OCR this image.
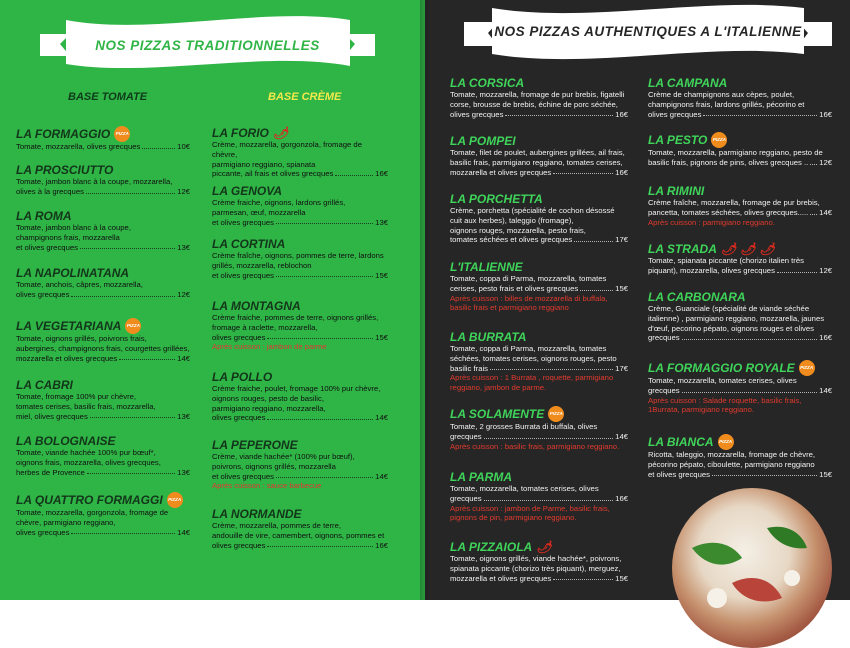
LA FORMAGGIO	PIZZA
Tomate, mozzarella, olives grecques	10€
LA PROSCIUTTO
Tomate, jambon blanc à la coupe, mozzarella,
olives à la grecques	12€
LA ROMA
Tomate, jambon blanc à la coupe,
champignons frais, mozzarella
et olives grecques	13€
LA NAPOLINATANA
Tomate, anchois, câpres, mozzarella,
olives grecques	12€
LA VEGETARIANA	PIZZA
Tomate, oignons grillés, poivrons frais,
aubergines, champignons frais, courgettes grillées,
mozzarella et olives grecques	14€
LA CABRI
Tomate, fromage 100% pur chèvre,
tomates cerises, basilic frais, mozzarella,
miel, olives grecques	13€
LA BOLOGNAISE
Tomate, viande hachée 100% pur bœuf*,
oignons frais, mozzarella, olives grecques,
herbes de Provence	13€
LA QUATTRO FORMAGGI	PIZZA
Tomate, mozzarella, gorgonzola, fromage de
chèvre, parmigiano reggiano,
olives grecques	14€
LA FORIO 🌶
Crème, mozzarella, gorgonzola, fromage de chèvre,
parmigiano reggiano, spianata
piccante, ail frais et olives grecques	16€
LA GENOVA
Crème fraiche, oignons, lardons grillés,
parmesan, œuf, mozzarella
et olives grecques	13€
LA CORTINA
Crème fraîche, oignons, pommes de terre, lardons
grillés, mozzarella, reblochon
et olives grecques	15€
LA MONTAGNA
Crème fraiche, pommes de terre, oignons grillés,
fromage à raclette, mozzarella,
olives grecques	15€
Après cuisson : jambon de parme
LA POLLO
Crème fraiche, poulet, fromage 100% pur chèvre,
oignons rouges, pesto de basilic,
parmigiano reggiano, mozzarella,
olives grecques	14€
LA PEPERONE
Crème, viande hachée* (100% pur bœuf),
poivrons, oignons grillés, mozzarella
et olives grecques	14€
Après cuisson : sauce barbecue
LA NORMANDE
Crème, mozzarella, pommes de terre,
andouille de vire, camembert, oignons, pommes et
olives grecques	16€
LA CORSICA
Tomate, mozzarella, fromage de pur brebis, figatelli
corse, brousse de brebis, échine de porc séchée,
olives grecques	16€
LA POMPEI
Tomate, filet de poulet, aubergines grillées, ail frais,
basilic frais, parmigiano reggiano, tomates cerises,
mozzarella et olives grecques	16€
LA PORCHETTA
Crème, porchetta (spécialité de cochon désossé
cuit aux herbes), taleggio (fromage),
oignons rouges, mozzarella, pesto frais,
tomates séchées et olives grecques	17€
L'ITALIENNE
Tomate, coppa di Parma, mozzarella, tomates
cerises, pesto frais et olives grecques	15€
Après cuisson : billes de mozzarella di buffala,
basilic frais et parmigiano reggiano
LA BURRATA
Tomate, coppa di Parma, mozzarella, tomates
séchées, tomates cerises, oignons rouges, pesto
basilic frais	17€
Après cuisson : 1 Burrata , roquette, parmigiano
reggiano, jambon de parme.
LA SOLAMENTE	PIZZA
Tomate, 2 grosses Burrata di buffala, olives
grecques	14€
Après cuisson : basilic frais, parmigiano reggiano.
LA PARMA
Tomate, mozzarella, tomates cerises, olives
grecques	16€
Après cuisson : jambon de Parme, basilic frais,
pignons de pin, parmigiano reggiano.
LA PIZZAIOLA 🌶
Tomate, oignons grillés, viande hachée*, poivrons,
spianata piccante (chorizo très piquant), merguez,
mozzarella et olives grecques	15€
LA CAMPANA
Crème de champignons aux cèpes, poulet,
champignons frais, lardons grillés, pécorino et
olives grecques	16€
LA PESTO	PIZZA
Tomate, mozzarella, parmigiano reggiano, pesto de
basilic frais, pignons de pins, olives grecques .. 12€
LA RIMINI
Crème fraîche, mozzarella, fromage de pur brebis,
pancetta, tomates séchées, olives grecques..... 14€
Après cuisson : parmigiano reggiano.
LA STRADA 🌶 🌶 🌶
Tomate, spianata piccante (chorizo italien très
piquant), mozzarella, olives grecques	12€
LA CARBONARA
Crème, Guanciale (spécialité de viande séchée
italienne) , parmigiano reggiano, mozzarella, jaunes
d'œuf, pecorino pépato, oignons rouges et olives
grecques	16€
LA FORMAGGIO ROYALE	PIZZA
Tomate, mozzarella, tomates cerises, olives
grecques	14€
Après cuisson : Salade roquette, basilic frais,
1Burrata, parmigiano reggiano.
LA BIANCA	PIZZA
Ricotta, taleggio, mozzarella, fromage de chèvre,
pécorino pépato, ciboulette, parmigiano reggiano
et olives grecques	15€
NOS PIZZAS TRADITIONNELLES
NOS PIZZAS AUTHENTIQUES A L'ITALIENNE
BASE TOMATE	BASE CRÈME
